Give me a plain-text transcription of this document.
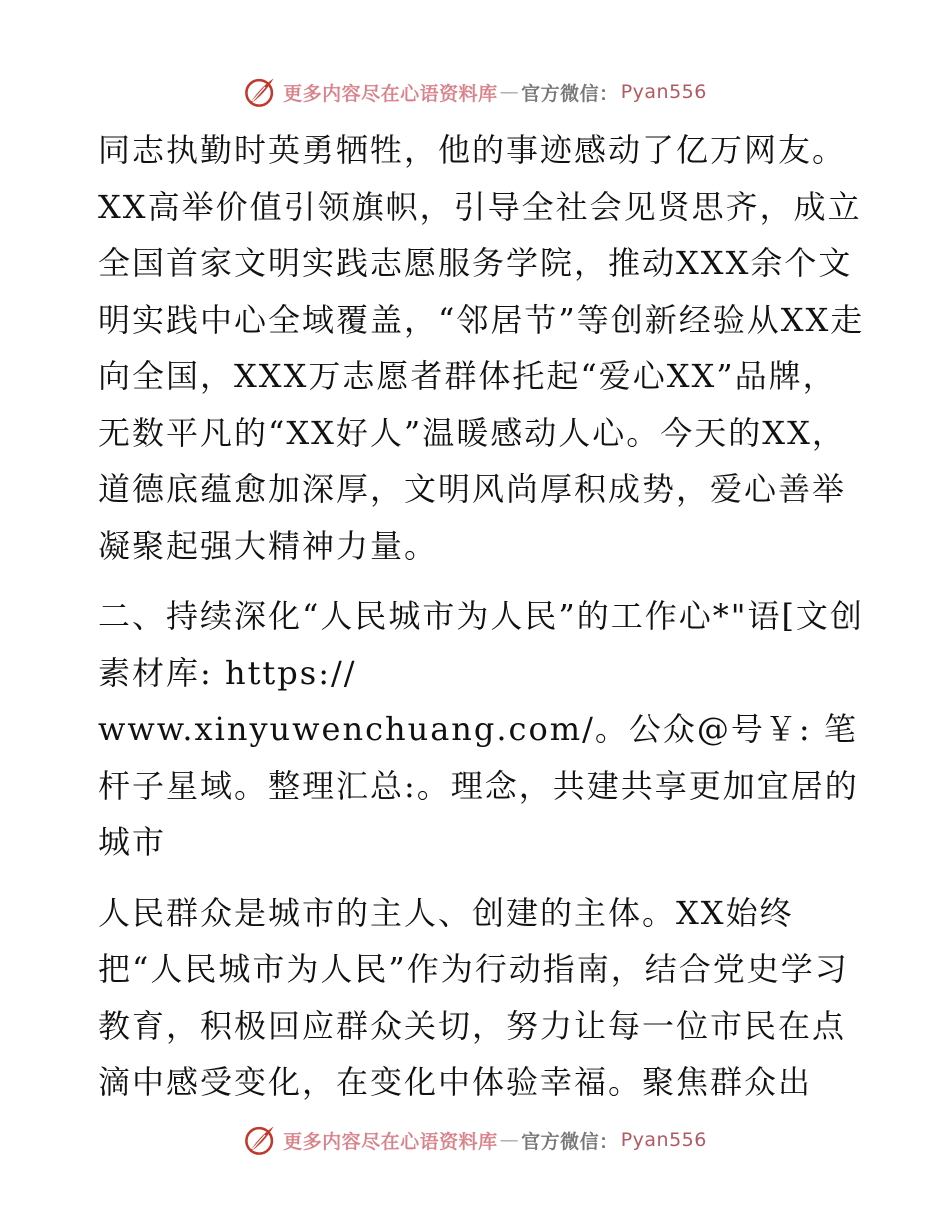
更多内容尽在心语资料库 — 官方微信： Pyan556

同志执勤时英勇牺牲，他的事迹感动了亿万网友。XX高举价值引领旗帜，引导全社会见贤思齐，成立全国首家文明实践志愿服务学院，推动XXX余个文明实践中心全域覆盖，“邻居节”等创新经验从XX走向全国，XXX万志愿者群体托起“爱心XX”品牌，无数平凡的“XX好人”温暖感动人心。今天的XX，道德底蕴愈加深厚，文明风尚厚积成势，爱心善举凝聚起强大精神力量。

二、持续深化“人民城市为人民”的工作心*"语[文创素材库: https://

www.xinyuwenchuang.com/。公众@号￥: 笔杆子星域。整理汇总:。理念，共建共享更加宜居的城市

人民群众是城市的主人、创建的主体。XX始终把“人民城市为人民”作为行动指南，结合党史学习教育，积极回应群众关切，努力让每一位市民在点滴中感受变化，在变化中体验幸福。聚焦群众出

更多内容尽在心语资料库 — 官方微信： Pyan556
